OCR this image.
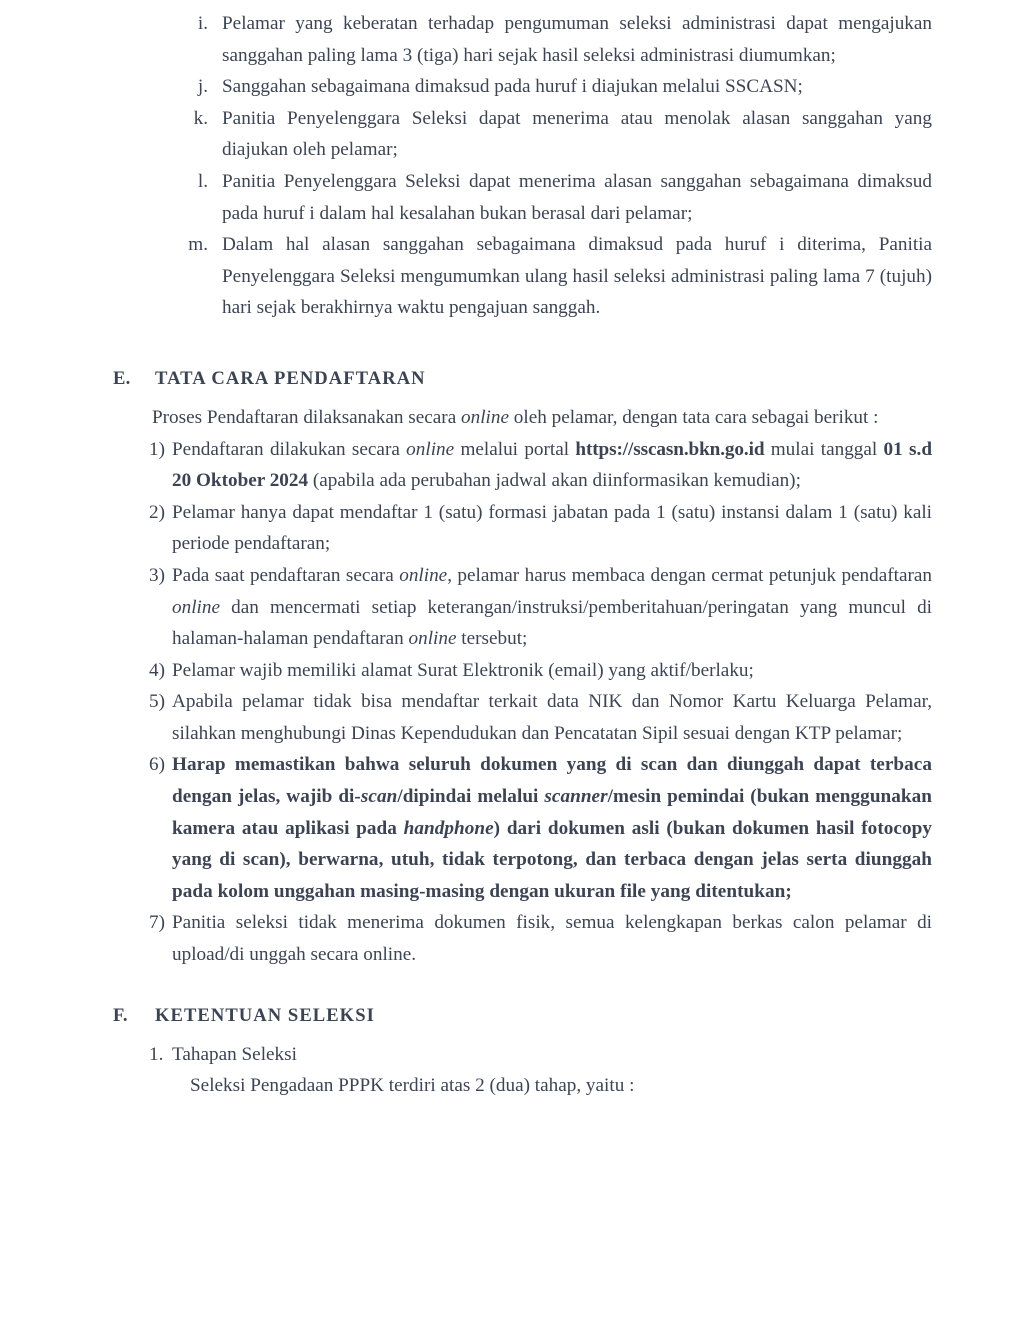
i. Pelamar yang keberatan terhadap pengumuman seleksi administrasi dapat mengajukan sanggahan paling lama 3 (tiga) hari sejak hasil seleksi administrasi diumumkan;

j. Sanggahan sebagaimana dimaksud pada huruf i diajukan melalui SSCASN;

k. Panitia Penyelenggara Seleksi dapat menerima atau menolak alasan sanggahan yang diajukan oleh pelamar;

l. Panitia Penyelenggara Seleksi dapat menerima alasan sanggahan sebagaimana dimaksud pada huruf i dalam hal kesalahan bukan berasal dari pelamar;

m. Dalam hal alasan sanggahan sebagaimana dimaksud pada huruf i diterima, Panitia Penyelenggara Seleksi mengumumkan ulang hasil seleksi administrasi paling lama 7 (tujuh) hari sejak berakhirnya waktu pengajuan sanggah.

E. TATA CARA PENDAFTARAN

Proses Pendaftaran dilaksanakan secara online oleh pelamar, dengan tata cara sebagai berikut :

1) Pendaftaran dilakukan secara online melalui portal https://sscasn.bkn.go.id mulai tanggal 01 s.d 20 Oktober 2024 (apabila ada perubahan jadwal akan diinformasikan kemudian);

2) Pelamar hanya dapat mendaftar 1 (satu) formasi jabatan pada 1 (satu) instansi dalam 1 (satu) kali periode pendaftaran;

3) Pada saat pendaftaran secara online, pelamar harus membaca dengan cermat petunjuk pendaftaran online dan mencermati setiap keterangan/instruksi/pemberitahuan/peringatan yang muncul di halaman-halaman pendaftaran online tersebut;

4) Pelamar wajib memiliki alamat Surat Elektronik (email) yang aktif/berlaku;

5) Apabila pelamar tidak bisa mendaftar terkait data NIK dan Nomor Kartu Keluarga Pelamar, silahkan menghubungi Dinas Kependudukan dan Pencatatan Sipil sesuai dengan KTP pelamar;

6) Harap memastikan bahwa seluruh dokumen yang di scan dan diunggah dapat terbaca dengan jelas, wajib di-scan/dipindai melalui scanner/mesin pemindai (bukan menggunakan kamera atau aplikasi pada handphone) dari dokumen asli (bukan dokumen hasil fotocopy yang di scan), berwarna, utuh, tidak terpotong, dan terbaca dengan jelas serta diunggah pada kolom unggahan masing-masing dengan ukuran file yang ditentukan;

7) Panitia seleksi tidak menerima dokumen fisik, semua kelengkapan berkas calon pelamar di upload/di unggah secara online.

F. KETENTUAN SELEKSI
1. Tahapan Seleksi

Seleksi Pengadaan PPPK terdiri atas 2 (dua) tahap, yaitu :
